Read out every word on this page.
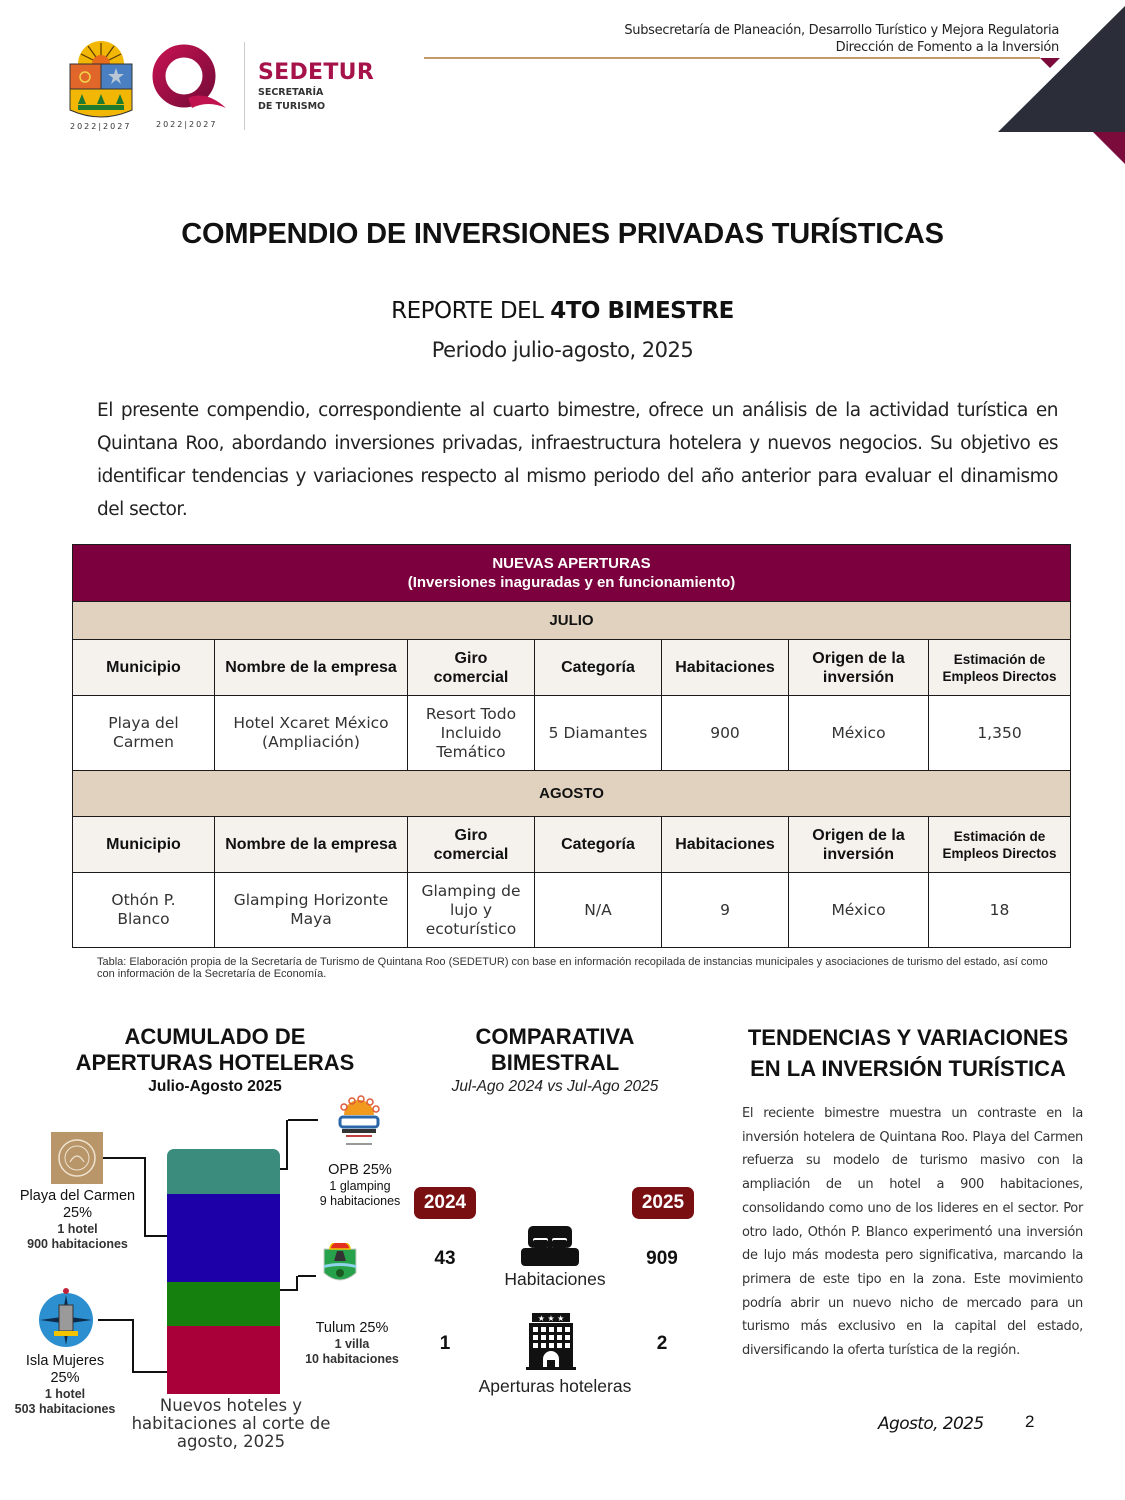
2022|2027	2022|2027
SEDETUR
SECRETARÍA
DE TURISMO
Subsecretaría de Planeación, Desarrollo Turístico y Mejora Regulatoria
Dirección de Fomento a la Inversión
COMPENDIO DE INVERSIONES PRIVADAS TURÍSTICAS
REPORTE DEL 4TO BIMESTRE
Periodo julio-agosto, 2025

El presente compendio, correspondiente al cuarto bimestre, ofrece un análisis de la actividad turística en Quintana Roo, abordando inversiones privadas, infraestructura hotelera y nuevos negocios. Su objetivo es identificar tendencias y variaciones respecto al mismo periodo del año anterior para evaluar el dinamismo del sector.

NUEVAS APERTURAS
(Inversiones inaguradas y en funcionamiento)						

JULIO						
Municipio	Nombre de la empresa	Giro comercial	Categoría	Habitaciones	Origen de la inversión	Estimación de Empleos Directos
Playa del Carmen	Hotel Xcaret México (Ampliación)	Resort Todo Incluido Temático	5 Diamantes	900	México	1,350
AGOSTO						
Municipio	Nombre de la empresa	Giro comercial	Categoría	Habitaciones	Origen de la inversión	Estimación de Empleos Directos
Othón P. Blanco	Glamping Horizonte Maya	Glamping de lujo y ecoturístico	N/A	9	México	18

Tabla: Elaboración propia de la Secretaría de Turismo de Quintana Roo (SEDETUR) con base en información recopilada de instancias municipales y asociaciones de turismo del estado, así como con información de la Secretaría de Economía.

ACUMULADO DE
APERTURAS HOTELERAS
Julio-Agosto 2025
Playa del Carmen
25%
1 hotel
900 habitaciones
OPB 25%
1 glamping
9 habitaciones
Tulum 25%
1 villa
10 habitaciones
Isla Mujeres
25%
1 hotel
503 habitaciones	Nuevos hoteles y habitaciones al corte de agosto, 2025
COMPARATIVA
BIMESTRAL
Jul-Ago 2024 vs Jul-Ago 2025
2024	2025
43	909
Habitaciones
1
★ ★ ★
2
Aperturas hoteleras
TENDENCIAS Y VARIACIONES
EN LA INVERSIÓN TURÍSTICA

El reciente bimestre muestra un contraste en la inversión hotelera de Quintana Roo. Playa del Carmen refuerza su modelo de turismo masivo con la ampliación de un hotel a 900 habitaciones, consolidando como uno de los lideres en el sector. Por otro lado, Othón P. Blanco experimentó una inversión de lujo más modesta pero significativa, marcando la primera de este tipo en la zona. Este movimiento podría abrir un nuevo nicho de mercado para un turismo más exclusivo en la capital del estado, diversificando la oferta turística de la región.

Agosto, 2025 2
